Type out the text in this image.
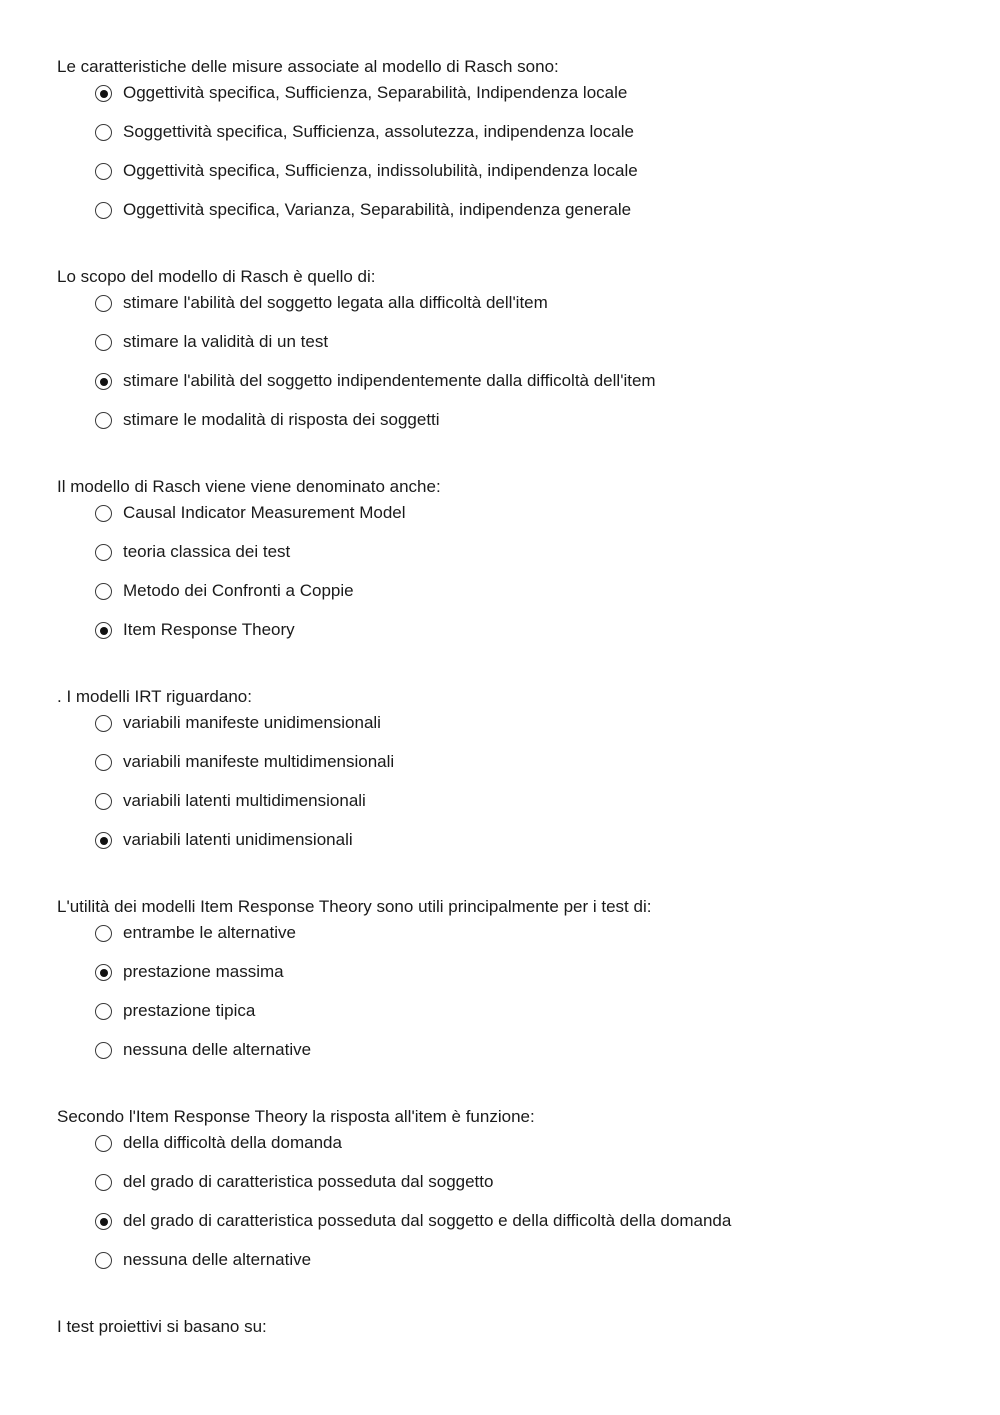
Le caratteristiche delle misure associate al modello di Rasch sono:

Oggettività specifica, Sufficienza, Separabilità, Indipendenza locale
Soggettività specifica, Sufficienza, assolutezza, indipendenza locale
Oggettività specifica, Sufficienza, indissolubilità, indipendenza locale
Oggettività specifica, Varianza, Separabilità, indipendenza generale

Lo scopo del modello di Rasch è quello di:

stimare l'abilità del soggetto legata alla difficoltà dell'item
stimare la validità di un test
stimare l'abilità del soggetto indipendentemente dalla difficoltà dell'item
stimare le modalità di risposta dei soggetti

Il modello di Rasch viene viene denominato anche:

Causal Indicator Measurement Model
teoria classica dei test
Metodo dei Confronti a Coppie
Item Response Theory

. I modelli IRT riguardano:

variabili manifeste unidimensionali
variabili manifeste multidimensionali
variabili latenti multidimensionali
variabili latenti unidimensionali

L'utilità dei modelli Item Response Theory sono utili principalmente per i test di:

entrambe le alternative
prestazione massima
prestazione tipica
nessuna delle alternative

Secondo l'Item Response Theory la risposta all'item è funzione:

della difficoltà della domanda
del grado di caratteristica posseduta dal soggetto
del grado di caratteristica posseduta dal soggetto e della difficoltà della domanda
nessuna delle alternative

I test proiettivi si basano su:
